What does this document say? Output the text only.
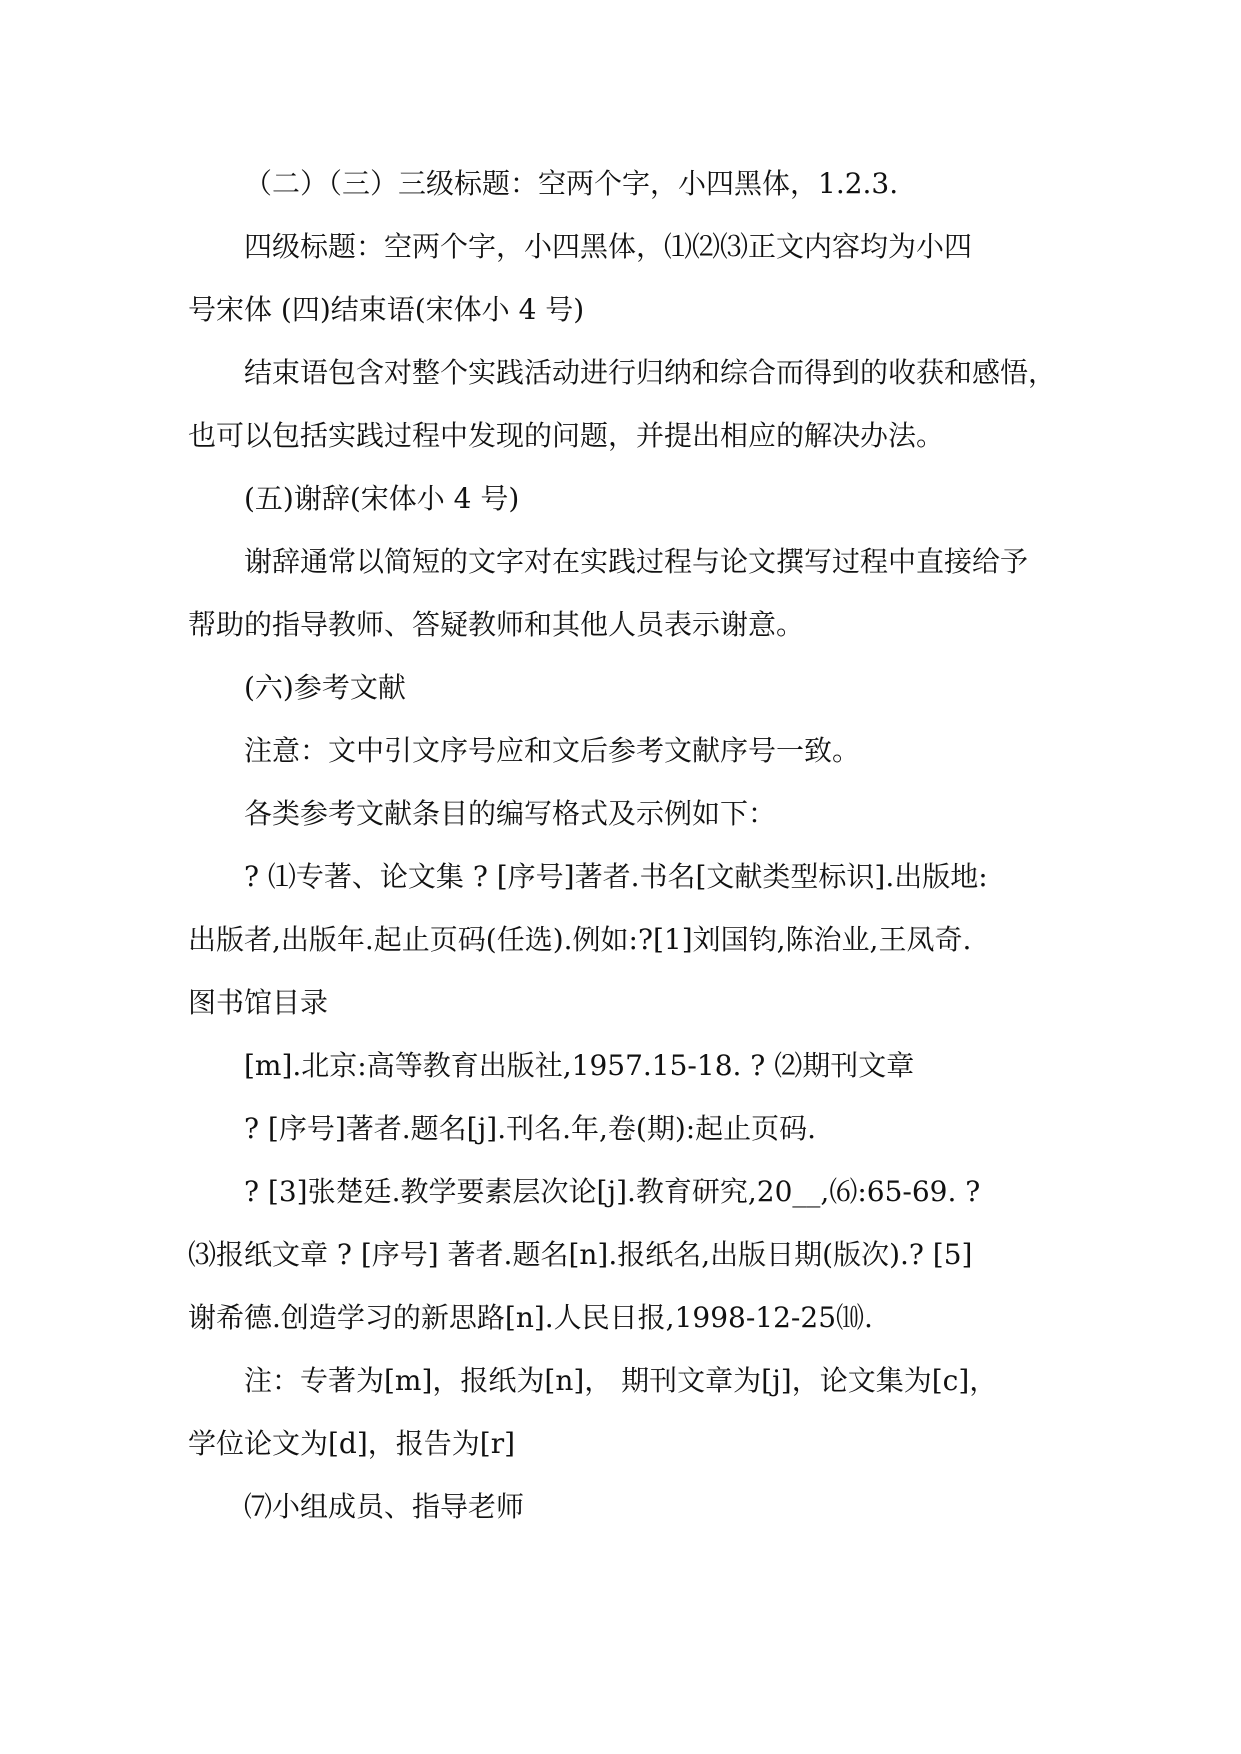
（二）（三）三级标题：空两个字，小四黑体，1.2.3.

四级标题：空两个字，小四黑体，⑴⑵⑶正文内容均为小四

号宋体 (四)结束语(宋体小 4 号)

结束语包含对整个实践活动进行归纳和综合而得到的收获和感悟，

也可以包括实践过程中发现的问题，并提出相应的解决办法。

(五)谢辞(宋体小 4 号)

谢辞通常以简短的文字对在实践过程与论文撰写过程中直接给予

帮助的指导教师、答疑教师和其他人员表示谢意。

(六)参考文献

注意：文中引文序号应和文后参考文献序号一致。

各类参考文献条目的编写格式及示例如下：

? ⑴专著、论文集 ? [序号]著者.书名[文献类型标识].出版地:

出版者,出版年.起止页码(任选).例如:?[1]刘国钧,陈治业,王凤奇.

图书馆目录

[m].北京:高等教育出版社,1957.15-18. ? ⑵期刊文章

? [序号]著者.题名[j].刊名.年,卷(期):起止页码.

? [3]张楚廷.教学要素层次论[j].教育研究,20__,⑹:65-69. ?

⑶报纸文章 ? [序号] 著者.题名[n].报纸名,出版日期(版次).? [5]

谢希德.创造学习的新思路[n].人民日报,1998-12-25⑽.

注：专著为[m]，报纸为[n]， 期刊文章为[j]，论文集为[c]，

学位论文为[d]，报告为[r]

⑺小组成员、指导老师
